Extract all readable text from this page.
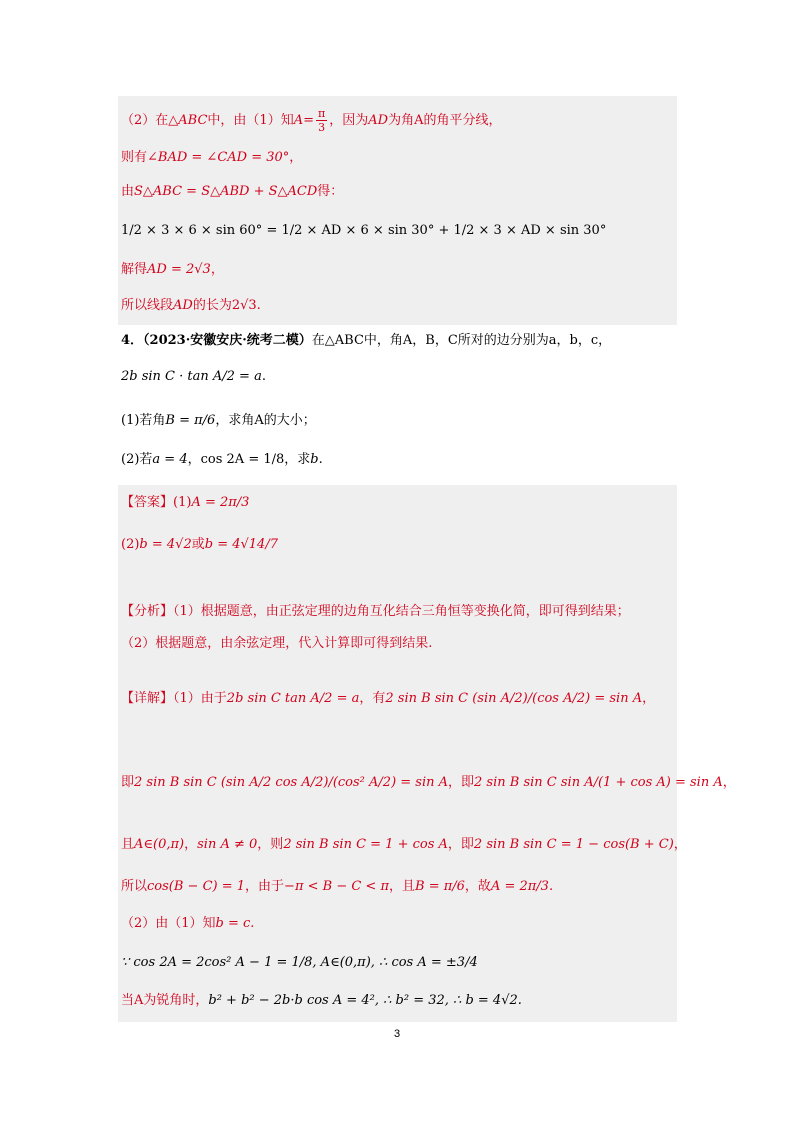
（2）在△ABC中，由（1）知$A= \frac{\pi}{3}$ ，因为AD为角A的角平分线，
则有∠BAD = ∠CAD = 30°，
由S△ABC = S△ABD + S△ACD得：
1/2 × 3 × 6 × sin 60° = 1/2 × AD × 6 × sin 30° + 1/2 × 3 × AD × sin 30°
解得AD = 2√3，
所以线段AD的长为2√3.
4．（2023·安徽安庆·统考二模）在△ABC中，角A，B，C所对的边分别为a，b，c，
2b sin C · tan A/2 = a.
(1)若角B = π/6，求角A的大小；
(2)若a = 4，cos 2A = 1/8，求b.
【答案】(1)A = 2π/3
(2)b = 4√2或b = 4√14/7
【分析】（1）根据题意，由正弦定理的边角互化结合三角恒等变换化简，即可得到结果；
（2）根据题意，由余弦定理，代入计算即可得到结果.
【详解】（1）由于2b sin C tan A/2 = a，有2 sin B sin C (sin A/2)/(cos A/2) = sin A，
即2 sin B sin C (sin A/2 cos A/2)/(cos² A/2) = sin A，即2 sin B sin C sin A/(1 + cos A) = sin A，
且A∈(0,π)，sin A ≠ 0，则2 sin B sin C = 1 + cos A，即2 sin B sin C = 1 − cos(B + C)，
所以cos(B − C) = 1，由于−π < B − C < π，且B = π/6，故A = 2π/3.
（2）由（1）知b = c.
∵ cos 2A = 2cos² A − 1 = 1/8, A∈(0,π), ∴ cos A = ±3/4
当A为锐角时，b² + b² − 2b·b cos A = 4², ∴ b² = 32, ∴ b = 4√2.
3
